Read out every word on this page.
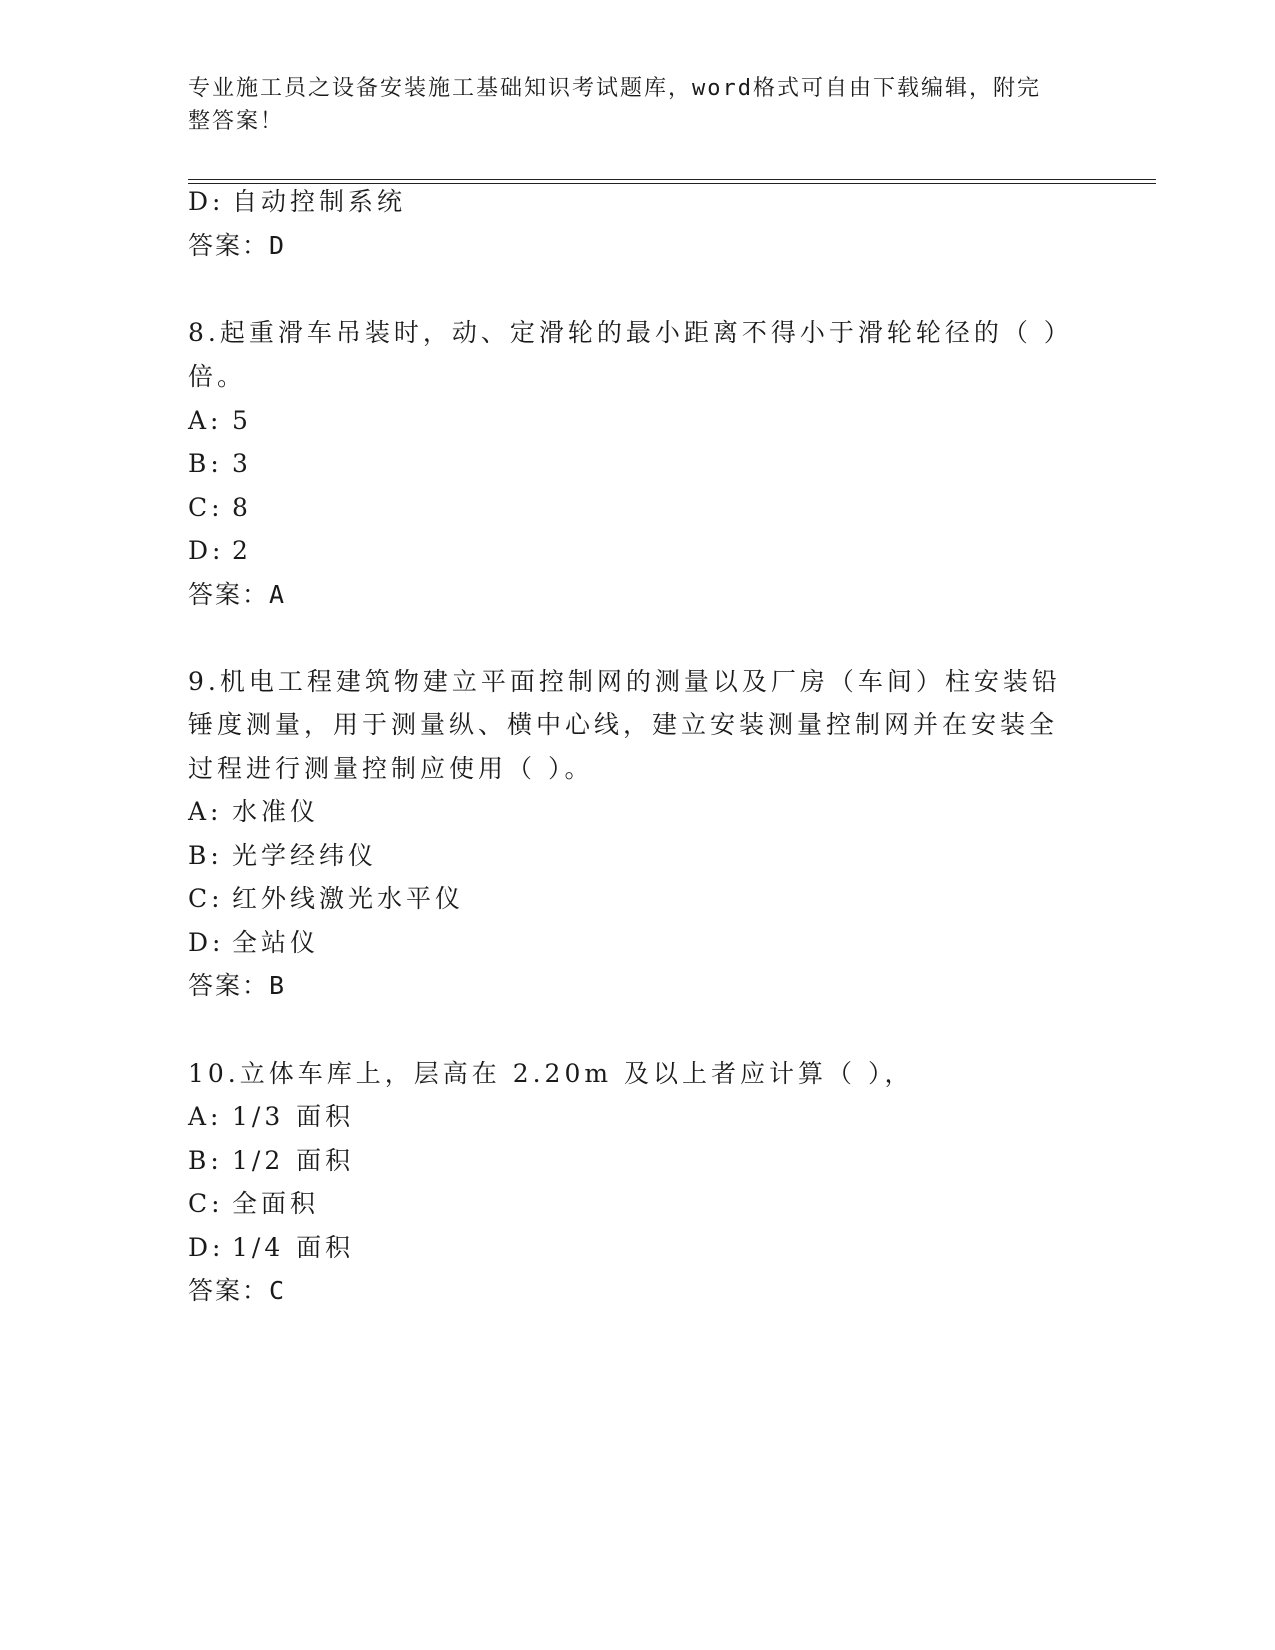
专业施工员之设备安装施工基础知识考试题库，word格式可自由下载编辑，附完
整答案！
D: 自动控制系统
答案：D
8.起重滑车吊装时，动、定滑轮的最小距离不得小于滑轮轮径的（ ）
倍。
A: 5
B: 3
C: 8
D: 2
答案：A
9.机电工程建筑物建立平面控制网的测量以及厂房（车间）柱安装铅
锤度测量，用于测量纵、横中心线，建立安装测量控制网并在安装全
过程进行测量控制应使用（ ）。
A: 水准仪
B: 光学经纬仪
C: 红外线激光水平仪
D: 全站仪
答案：B
10.立体车库上，层高在 2.20m 及以上者应计算（ ），
A: 1/3 面积
B: 1/2 面积
C: 全面积
D: 1/4 面积
答案：C
